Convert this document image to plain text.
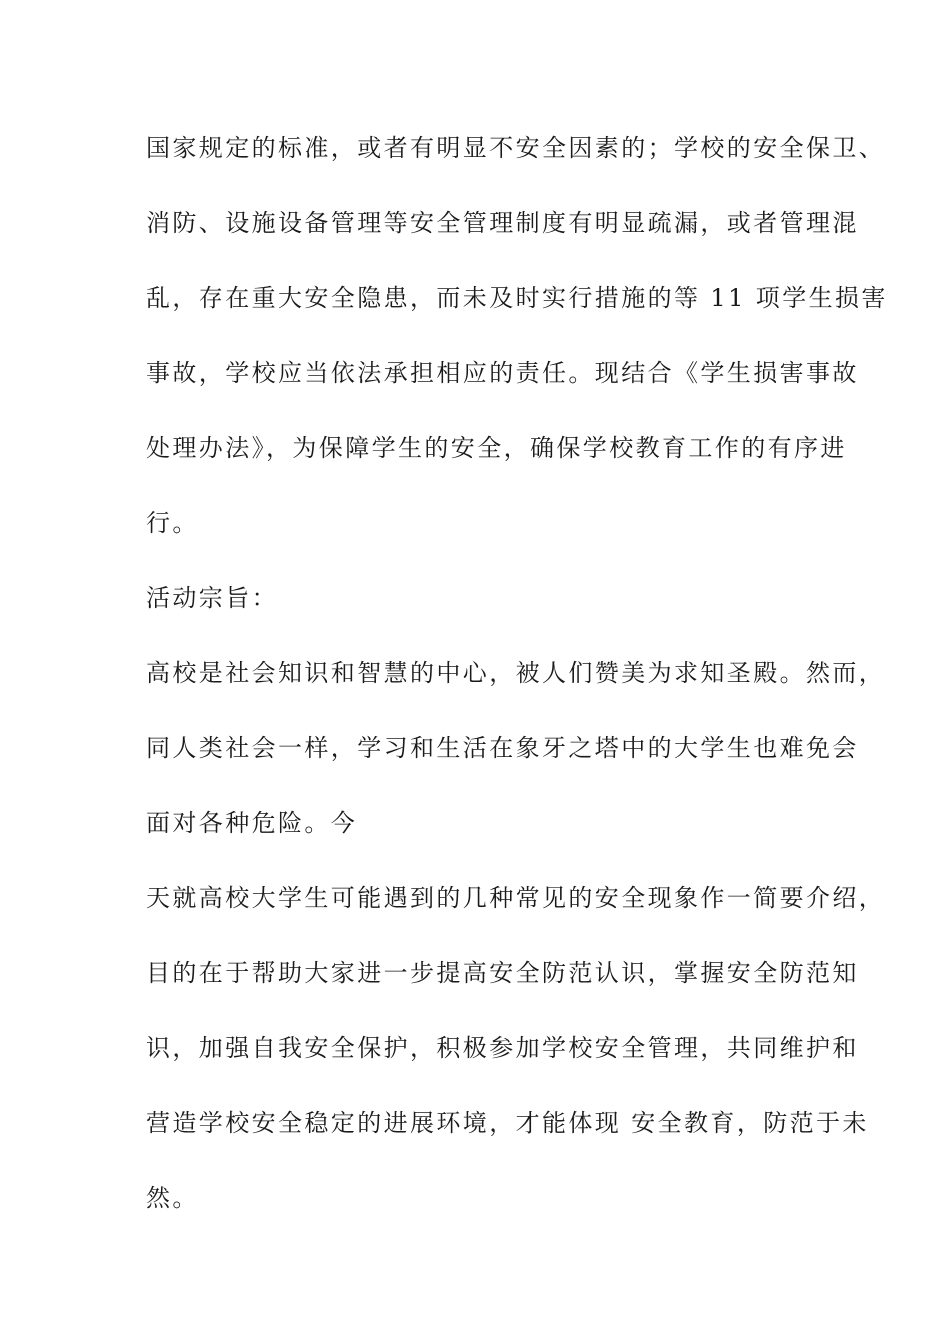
国家规定的标准，或者有明显不安全因素的；学校的安全保卫、
消防、设施设备管理等安全管理制度有明显疏漏，或者管理混
乱，存在重大安全隐患，而未及时实行措施的等 11 项学生损害
事故，学校应当依法承担相应的责任。现结合《学生损害事故
处理办法》，为保障学生的安全，确保学校教育工作的有序进
行。
活动宗旨：
高校是社会知识和智慧的中心，被人们赞美为求知圣殿。然而，
同人类社会一样，学习和生活在象牙之塔中的大学生也难免会
面对各种危险。今
天就高校大学生可能遇到的几种常见的安全现象作一简要介绍，
目的在于帮助大家进一步提高安全防范认识，掌握安全防范知
识，加强自我安全保护，积极参加学校安全管理，共同维护和
营造学校安全稳定的进展环境，才能体现 安全教育，防范于未
然。
